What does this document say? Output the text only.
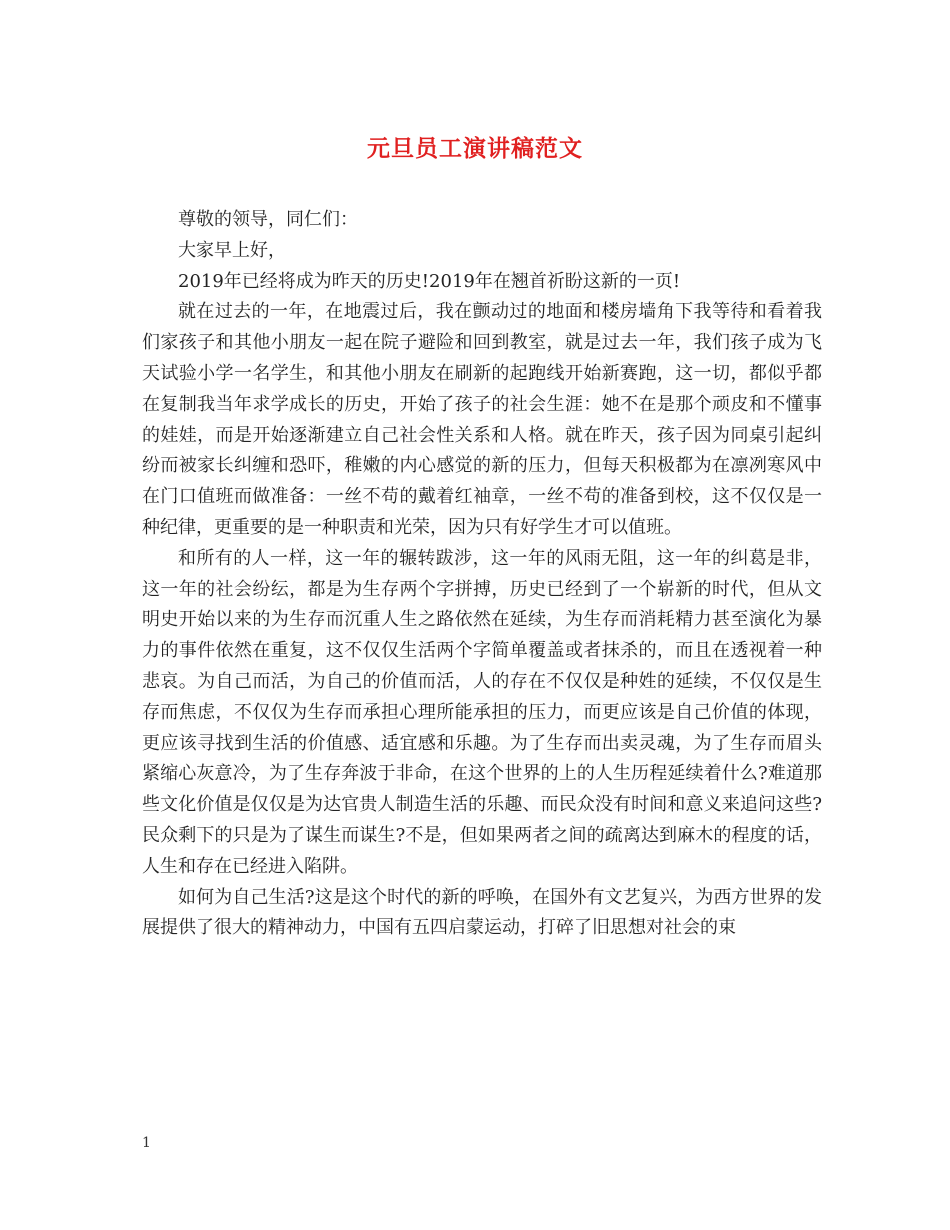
元旦员工演讲稿范文

尊敬的领导，同仁们：

大家早上好，

2019年已经将成为昨天的历史!2019年在翘首祈盼这新的一页!

就在过去的一年，在地震过后，我在颤动过的地面和楼房墙角下我等待和看着我们家孩子和其他小朋友一起在院子避险和回到教室，就是过去一年，我们孩子成为飞天试验小学一名学生，和其他小朋友在刷新的起跑线开始新赛跑，这一切，都似乎都在复制我当年求学成长的历史，开始了孩子的社会生涯：她不在是那个顽皮和不懂事的娃娃，而是开始逐渐建立自己社会性关系和人格。就在昨天，孩子因为同桌引起纠纷而被家长纠缠和恐吓，稚嫩的内心感觉的新的压力，但每天积极都为在凛冽寒风中在门口值班而做准备：一丝不苟的戴着红袖章，一丝不苟的准备到校，这不仅仅是一种纪律，更重要的是一种职责和光荣，因为只有好学生才可以值班。

和所有的人一样，这一年的辗转跋涉，这一年的风雨无阻，这一年的纠葛是非，这一年的社会纷纭，都是为生存两个字拼搏，历史已经到了一个崭新的时代，但从文明史开始以来的为生存而沉重人生之路依然在延续，为生存而消耗精力甚至演化为暴力的事件依然在重复，这不仅仅生活两个字简单覆盖或者抹杀的，而且在透视着一种悲哀。为自己而活，为自己的价值而活，人的存在不仅仅是种姓的延续，不仅仅是生存而焦虑，不仅仅为生存而承担心理所能承担的压力，而更应该是自己价值的体现，更应该寻找到生活的价值感、适宜感和乐趣。为了生存而出卖灵魂，为了生存而眉头紧缩心灰意冷，为了生存奔波于非命，在这个世界的上的人生历程延续着什么?难道那些文化价值是仅仅是为达官贵人制造生活的乐趣、而民众没有时间和意义来追问这些?民众剩下的只是为了谋生而谋生?不是，但如果两者之间的疏离达到麻木的程度的话，人生和存在已经进入陷阱。

如何为自己生活?这是这个时代的新的呼唤，在国外有文艺复兴，为西方世界的发展提供了很大的精神动力，中国有五四启蒙运动，打碎了旧思想对社会的束

1
